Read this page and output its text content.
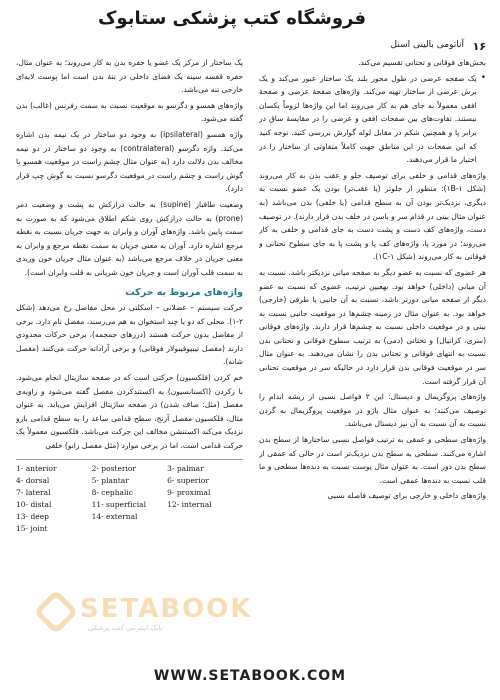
فروشگاه کتب پزشکی ستابوک
۱۶
آناتومی بالینی اسنل

بخش‌های فوقانی و تحتانی تقسیم می‌کند.

•

یک صفحه عرضی در طول محور بلند یک ساختار عبور می‌کند و یک برش عرضی از ساختار تهیه می‌کند. واژه‌های صفحهٔ عرضی و صفحهٔ افقی معمولاً به جای هم به کار می‌روند اما این واژه‌ها لزوماً یکسان نیستند. تفاوت‌های بین صفحات افقی و عرضی را در مقایسهٔ ساق در برابر پا و همچنین شکم در مقابل لوله گوارش بررسی کنید. توجه کنید که این صفحات در این مناطق جهت کاملاً متفاوتی از ساختار را در اختیار ما قرار می‌دهند.

واژه‌های قدامی و خلفی برای توصیف جلو و عقب بدن به کار می‌روند (شکل ۱B-۱): منظور از جلوتر (یا عقب‌تر) بودن یک عضو نسبت به دیگری، نزدیک‌تر بودن آن به سطح قدامی (یا خلفی) بدن می‌باشد (به عنوان مثال بینی در قدام سر و باسن در خلف بدن قرار دارند). در توصیف دست، واژه‌های کف دست و پشت دست به جای قدامی و خلفی به کار می‌روند؛ در مورد پا، واژه‌های کف پا و پشت پا به جای سطوح تحتانی و فوقانی به کار می‌روند (شکل ۱C-۱).

هر عضوی که نسبت به عضو دیگر به صفحه میانی نزدیکتر باشد، نسبت به آن میانی (داخلی) خواهد بود. بهعبین ترتیب، عضوی که نسبت به عضو دیگر از صفحه میانی دورتر باشد، نسبت به آن جانبی یا طرفی (خارجی) خواهد بود. به عنوان مثال در زمینه چشم‌ها در موقعیت جانبی نسبت به بینی و در موقعیت داخلی نسبت به چشم‌ها قرار دارند. واژه‌های فوقانی (سری، کرانیال) و تحتانی (دمی) به ترتیب سطوح فوقانی و تحتانی بدن نسبت به انتهای فوقانی و تحتانی بدن را نشان می‌دهند. به عنوان مثال سر در موقعیت فوقانی بدن قرار دارد در حالیکه سر در موقعیت تحتانی آن قرار گرفته است.

واژه‌های پروگزیمال و دیستال: این ۲ فواصل نسبی از ریشه اندام را توصیف می‌کنند؛ به عنوان مثال بازو در موقعیت پروگزیمال به گردن نسبت به آن نسبت به آن نیز دیستال می‌باشد.

واژه‌های سطحی و عمقی به ترتیب فواصل نسبی ساختارها از سطح بدن اشاره می‌کنند. سطحی به سطح بدن نزدیک‌تر است در حالی که عمقی از سطح بدن دور است. به عنوان مثال پوست نسبت به دنده‌ها سطحی و ما قلب نسبت به دنده‌ها عمقی است.

واژه‌های داخلی و خارجی برای توصیف فاصله نسبی

یک ساختار از مرکز یک عضو یا حفره بدن به کار می‌روند؛ به عنوان مثال، حفره قفسه سینه یک فضای داخلی در تنهٔ بدن است اما پوست لایه‌ای خارجی تنه می‌باشد.

واژه‌های همسو و دگرسو به موقعیت نسبت به سمت رفرنس (غالب) بدن گفته می‌شود.

واژه همسو (ipsilateral) به وجود دو ساختار در یک نیمه بدن اشاره می‌کند. واژه دگرسو (contralateral) به وجود دو ساختار در دو نیمه مخالف بدن دلالت دارد (به عنوان مثال چشم راست در موقعیت همسو با گوش راست و چشم راست در موقعیت دگرسو نسبت به گوش چپ قرار دارد).

وضعیت طاقباز (supine) به حالت درازکش به پشت و وضعیت دمر (prone) به حالت درازکش روی شکم اطلاق می‌شود که به صورت به سمت پایین باشد. واژه‌های آوران و وابران به جهت جریان نسبت به نقطه مرجع اشاره دارد. آوران به معنی جریان به سمت نقطه مرجع و وابران به معنی جریان در خلاف مرجع می‌باشد (به عنوان مثال جریان خون وریدی به سمت قلب آوران است و جریان خون شریانی به قلب وابران است).

واژه‌های مربوط به حرکت

حرکت سیستم – عضلانی – اسکلتی در محل مفاصل رخ می‌دهد (شکل ۲-۱). محلی که دو یا چند استخوان به هم می‌رسند، مفصل نام دارد. برخی از مفاصل بدون حرکت هستند (درزهای جمجمه)، برخی حرکات محدودی دارند (مفصل تیبیوفیبولار فوقانی) و برخی آزادانه حرکت می‌کنند (مفصل شانه).

خم کردن (فلکسیون) حرکتی است که در صفحه ساژیتال انجام می‌شود. با زکردن (اکستانسیون) به اکستندکردن مفصل گفته می‌شود و زاویه‌ی مفصل (مثل: صاف شدن) در صفحه ساژیتال افزایش می‌یابد. به عنوان مثال، فلکسیون مفصل آرنج، سطح قدامی ساعد را به سطح قدامی بازو نزدیک می‌کند اکستنشن مخالف این حرکت می‌باشد. فلکسیون معمولاً یک حرکت قدامی است، اما در برخی موارد (مثل مفصل زانو) خلفی

1- anterior	2- posterior	3- palmar
4- dorsal	5- plantar	6- superior
7- lateral	8- cephalic	9- proximal
10- distal	11- superficial	12- internal
13- deep	14- external
15- joint
SETABOOK
بانک اینترنتی کتب پزشکی
WWW.SETABOOK.COM
